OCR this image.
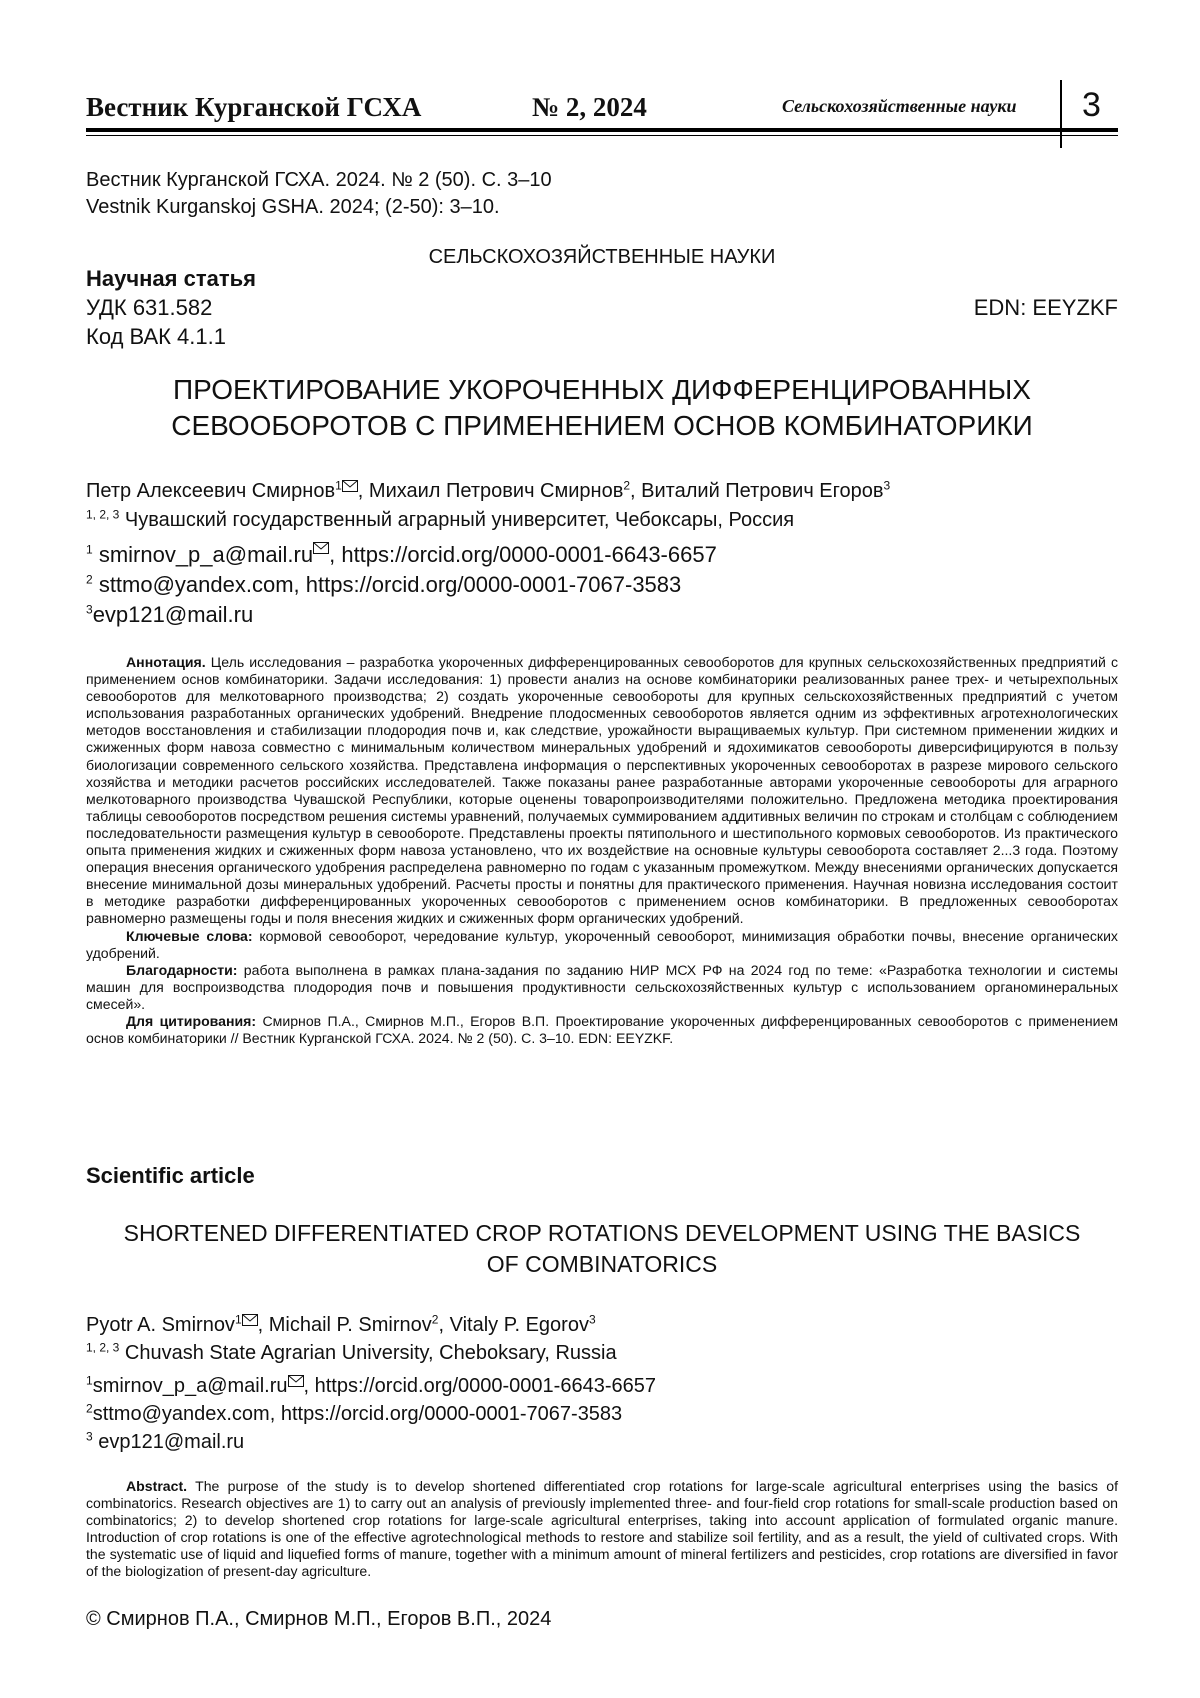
Вестник Курганской ГСХА	№ 2, 2024	Сельскохозяйственные науки 3
Вестник Курганской ГСХА. 2024. № 2 (50). С. 3–10
Vestnik Kurganskoj GSHA. 2024; (2-50): 3–10.
СЕЛЬСКОХОЗЯЙСТВЕННЫЕ НАУКИ
Научная статья
УДК 631.582
Код ВАК 4.1.1
EDN: EEYZKF
ПРОЕКТИРОВАНИЕ УКОРОЧЕННЫХ ДИФФЕРЕНЦИРОВАННЫХ
СЕВООБОРОТОВ С ПРИМЕНЕНИЕМ ОСНОВ КОМБИНАТОРИКИ
Петр Алексеевич Смирнов1 , Михаил Петрович Смирнов2, Виталий Петрович Егоров3
1, 2, 3 Чувашский государственный аграрный университет, Чебоксары, Россия
1 smirnov_p_a@mail.ru , https://orcid.org/0000-0001-6643-6657
2 sttmo@yandex.com, https://orcid.org/0000-0001-7067-3583
3evp121@mail.ru

Аннотация. Цель исследования – разработка укороченных дифференцированных севооборотов для крупных сельскохозяйственных предприятий с применением основ комбинаторики. Задачи исследования: 1) провести анализ на основе комбинаторики реализованных ранее трех- и четырехпольных севооборотов для мелкотоварного производства; 2) создать укороченные севообороты для крупных сельскохозяйственных предприятий с учетом использования разработанных органических удобрений. Внедрение плодосменных севооборотов является одним из эффективных агротехнологических методов восстановления и стабилизации плодородия почв и, как следствие, урожайности выращиваемых культур. При системном применении жидких и сжиженных форм навоза совместно с минимальным количеством минеральных удобрений и ядохимикатов севообороты диверсифицируются в пользу биологизации современного сельского хозяйства. Представлена информация о перспективных укороченных севооборотах в разрезе мирового сельского хозяйства и методики расчетов российских исследователей. Также показаны ранее разработанные авторами укороченные севообороты для аграрного мелкотоварного производства Чувашской Республики, которые оценены товаропроизводителями положительно. Предложена методика проектирования таблицы севооборотов посредством решения системы уравнений, получаемых суммированием аддитивных величин по строкам и столбцам с соблюдением последовательности размещения культур в севообороте. Представлены проекты пятипольного и шестипольного кормовых севооборотов. Из практического опыта применения жидких и сжиженных форм навоза установлено, что их воздействие на основные культуры севооборота составляет 2...3 года. Поэтому операция внесения органического удобрения распределена равномерно по годам с указанным промежутком. Между внесениями органических допускается внесение минимальной дозы минеральных удобрений. Расчеты просты и понятны для практического применения. Научная новизна исследования состоит в методике разработки дифференцированных укороченных севооборотов с применением основ комбинаторики. В предложенных севооборотах равномерно размещены годы и поля внесения жидких и сжиженных форм органических удобрений.

Ключевые слова: кормовой севооборот, чередование культур, укороченный севооборот, минимизация обработки почвы, внесение органических удобрений.

Благодарности: работа выполнена в рамках плана-задания по заданию НИР МСХ РФ на 2024 год по теме: «Разработка технологии и системы машин для воспроизводства плодородия почв и повышения продуктивности сельскохозяйственных культур с использованием органоминеральных смесей».

Для цитирования: Смирнов П.А., Смирнов М.П., Егоров В.П. Проектирование укороченных дифференцированных севооборотов с применением основ комбинаторики // Вестник Курганской ГСХА. 2024. № 2 (50). С. 3–10. EDN: EEYZKF.

Scientific article
SHORTENED DIFFERENTIATED CROP ROTATIONS DEVELOPMENT USING THE BASICS
OF COMBINATORICS
Pyotr A. Smirnov1 , Michail P. Smirnov2, Vitaly P. Egorov3
1, 2, 3 Chuvash State Agrarian University, Cheboksary, Russia
1smirnov_p_a@mail.ru , https://orcid.org/0000-0001-6643-6657
2sttmo@yandex.com, https://orcid.org/0000-0001-7067-3583
3 evp121@mail.ru

Abstract. The purpose of the study is to develop shortened differentiated crop rotations for large-scale agricultural enterprises using the basics of combinatorics. Research objectives are 1) to carry out an analysis of previously implemented three- and four-field crop rotations for small-scale production based on combinatorics; 2) to develop shortened crop rotations for large-scale agricultural enterprises, taking into account application of formulated organic manure. Introduction of crop rotations is one of the effective agrotechnological methods to restore and stabilize soil fertility, and as a result, the yield of cultivated crops. With the systematic use of liquid and liquefied forms of manure, together with a minimum amount of mineral fertilizers and pesticides, crop rotations are diversified in favor of the biologization of present-day agriculture.

© Смирнов П.А., Смирнов М.П., Егоров В.П., 2024
